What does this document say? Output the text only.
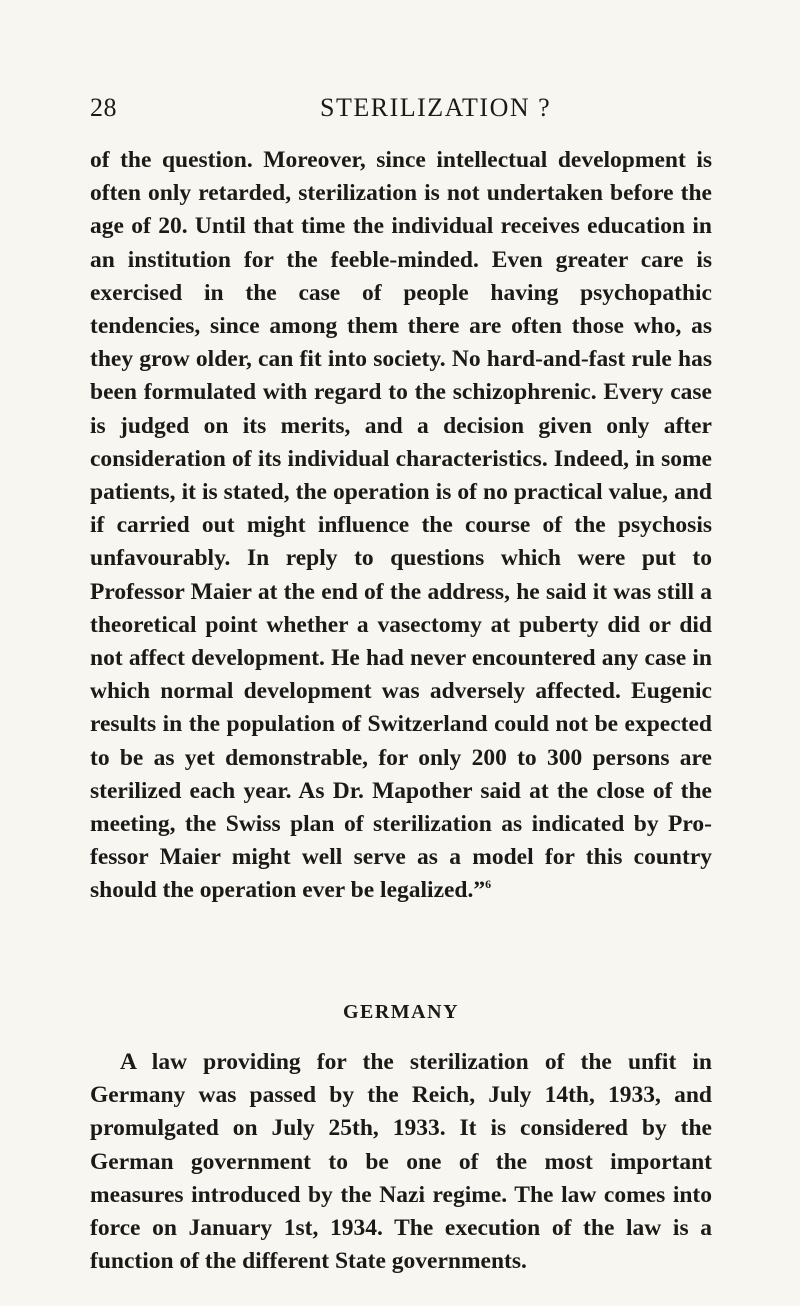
28	STERILIZATION ?

of the question. Moreover, since intellectual development is often only retarded, sterilization is not undertaken before the age of 20. Until that time the individual receives education in an institution for the feeble-minded. Even greater care is exercised in the case of people having psychopathic tendencies, since among them there are often those who, as they grow older, can fit into society. No hard-and-fast rule has been formulated with regard to the schizophrenic. Every case is judged on its merits, and a decision given only after consideration of its individual characteristics. Indeed, in some patients, it is stated, the operation is of no practical value, and if carried out might influence the course of the psychosis unfavourably. In reply to questions which were put to Professor Maier at the end of the address, he said it was still a theoretical point whether a vasectomy at puberty did or did not affect development. He had never encountered any case in which normal development was adversely affected. Eugenic results in the population of Switzerland could not be expected to be as yet demonstrable, for only 200 to 300 persons are sterilized each year. As Dr. Mapother said at the close of the meeting, the Swiss plan of sterilization as indicated by Professor Maier might well serve as a model for this country should the operation ever be legalized.”$^6$

GERMANY

A law providing for the sterilization of the unfit in Germany was passed by the Reich, July 14th, 1933, and promulgated on July 25th, 1933. It is considered by the German government to be one of the most important measures introduced by the Nazi regime. The law comes into force on January 1st, 1934. The execution of the law is a function of the different State governments.
